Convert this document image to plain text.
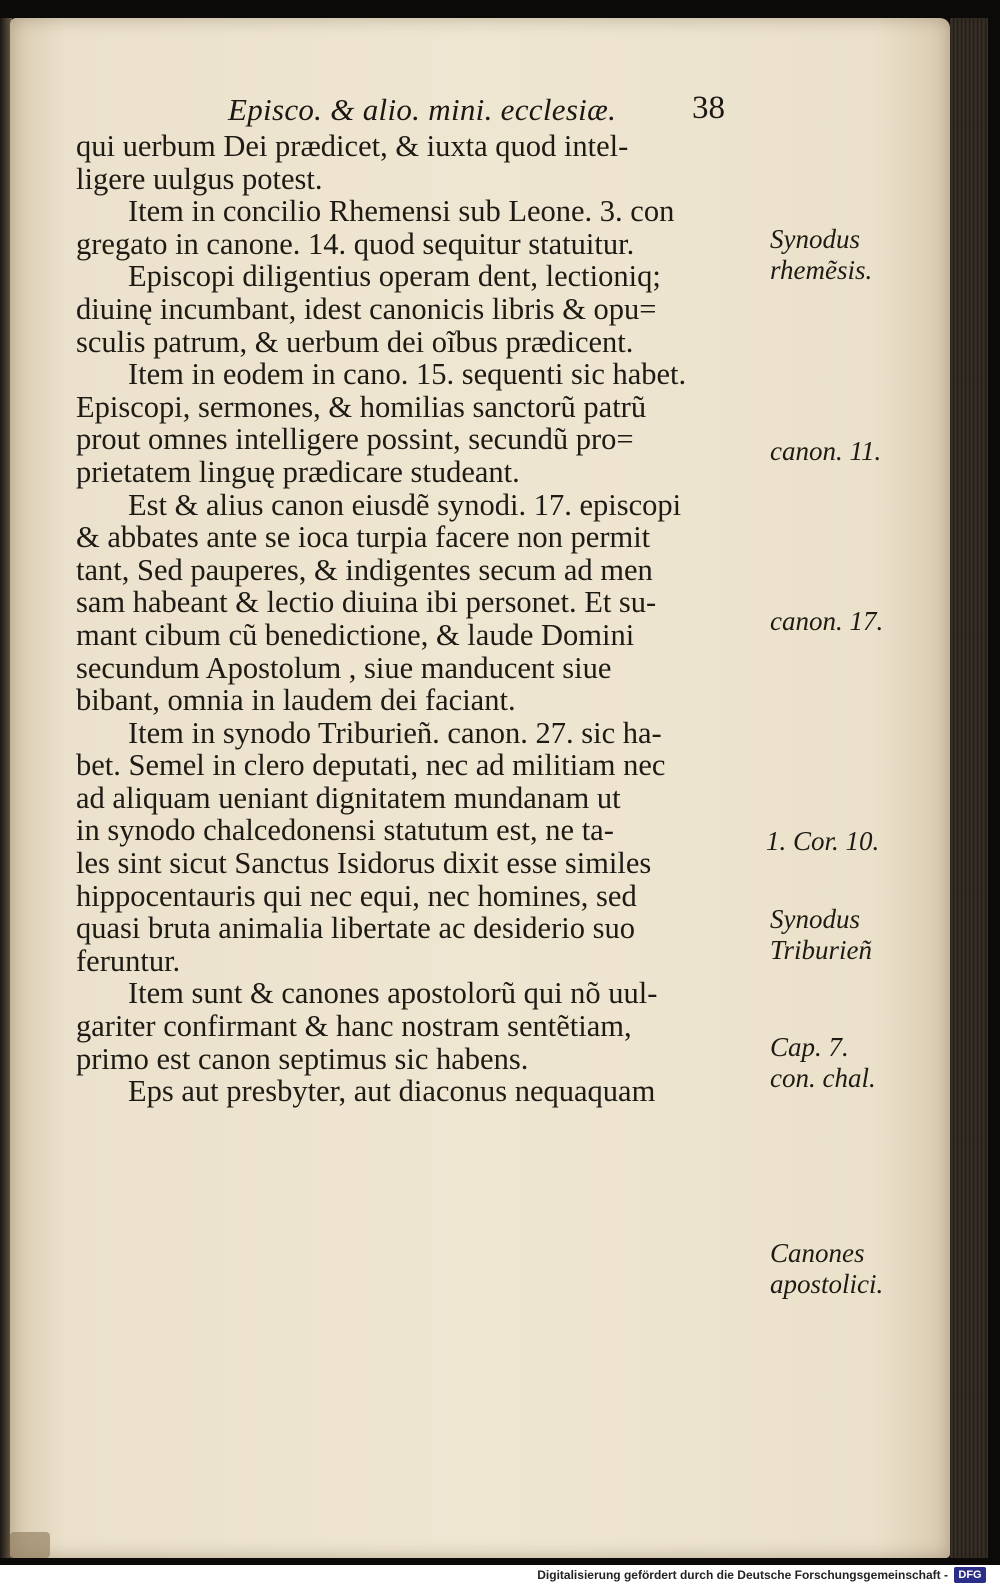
Episco. & alio. mini. ecclesiæ. 38
qui uerbum Dei prædicet, & iuxta quod intel-
ligere uulgus potest.
Item in concilio Rhemensi sub Leone. 3. con
gregato in canone. 14. quod sequitur statuitur.
Episcopi diligentius operam dent, lectioniq;
diuinę incumbant, idest canonicis libris & opu=
sculis patrum, & uerbum dei oĩbus prædicent.
Item in eodem in cano. 15. sequenti sic habet.
Episcopi, sermones, & homilias sanctorũ patrũ
prout omnes intelligere possint, secundũ pro=
prietatem linguę prædicare studeant.
Est & alius canon eiusdẽ synodi. 17. episcopi
& abbates ante se ioca turpia facere non permit
tant, Sed pauperes, & indigentes secum ad men
sam habeant & lectio diuina ibi personet. Et su-
mant cibum cũ benedictione, & laude Domini
secundum Apostolum , siue manducent siue
bibant, omnia in laudem dei faciant.
Item in synodo Triburieñ. canon. 27. sic ha-
bet. Semel in clero deputati, nec ad militiam nec
ad aliquam ueniant dignitatem mundanam ut
in synodo chalcedonensi statutum est, ne ta-
les sint sicut Sanctus Isidorus dixit esse similes
hippocentauris qui nec equi, nec homines, sed
quasi bruta animalia libertate ac desiderio suo
feruntur.
Item sunt & canones apostolorũ qui nõ uul-
gariter confirmant & hanc nostram sentẽtiam,
primo est canon septimus sic habens.
Eps aut presbyter, aut diaconus nequaquam
Synodus
rhemẽsis.
canon. 11.
canon. 17.
1. Cor. 10.
Synodus
Triburieñ
Cap. 7.
con. chal.
Canones
apostolici.
Digitalisierung gefördert durch die Deutsche Forschungsgemeinschaft - DFG
